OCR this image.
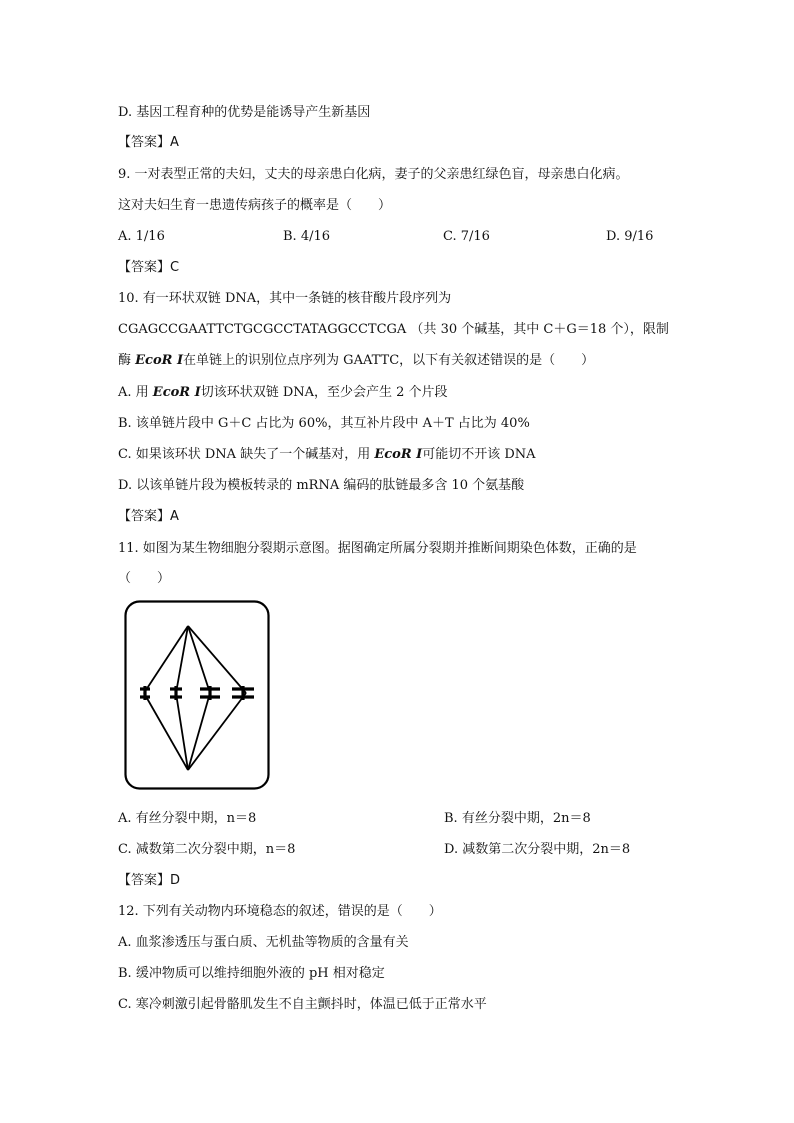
D. 基因工程育种的优势是能诱导产生新基因
【答案】A
9. 一对表型正常的夫妇，丈夫的母亲患白化病，妻子的父亲患红绿色盲，母亲患白化病。
这对夫妇生育一患遗传病孩子的概率是（　　）
A. 1/16	B. 4/16	C. 7/16	D. 9/16
【答案】C
10. 有一环状双链 DNA，其中一条链的核苷酸片段序列为
CGAGCCGAATTCTGCGCCTATAGGCCTCGA （共 30 个碱基，其中 C＋G＝18 个），限制
酶 EcoR Ⅰ在单链上的识别位点序列为 GAATTC，以下有关叙述错误的是（　　）
A. 用 EcoR Ⅰ切该环状双链 DNA，至少会产生 2 个片段
B. 该单链片段中 G＋C 占比为 60%，其互补片段中 A＋T 占比为 40%
C. 如果该环状 DNA 缺失了一个碱基对，用 EcoR Ⅰ可能切不开该 DNA
D. 以该单链片段为模板转录的 mRNA 编码的肽链最多含 10 个氨基酸
【答案】A
11. 如图为某生物细胞分裂期示意图。据图确定所属分裂期并推断间期染色体数，正确的是
（　　）
A. 有丝分裂中期，n＝8	B. 有丝分裂中期，2n＝8
C. 减数第二次分裂中期，n＝8	D. 减数第二次分裂中期，2n＝8
【答案】D
12. 下列有关动物内环境稳态的叙述，错误的是（　　）
A. 血浆渗透压与蛋白质、无机盐等物质的含量有关
B. 缓冲物质可以维持细胞外液的 pH 相对稳定
C. 寒冷刺激引起骨骼肌发生不自主颤抖时，体温已低于正常水平
